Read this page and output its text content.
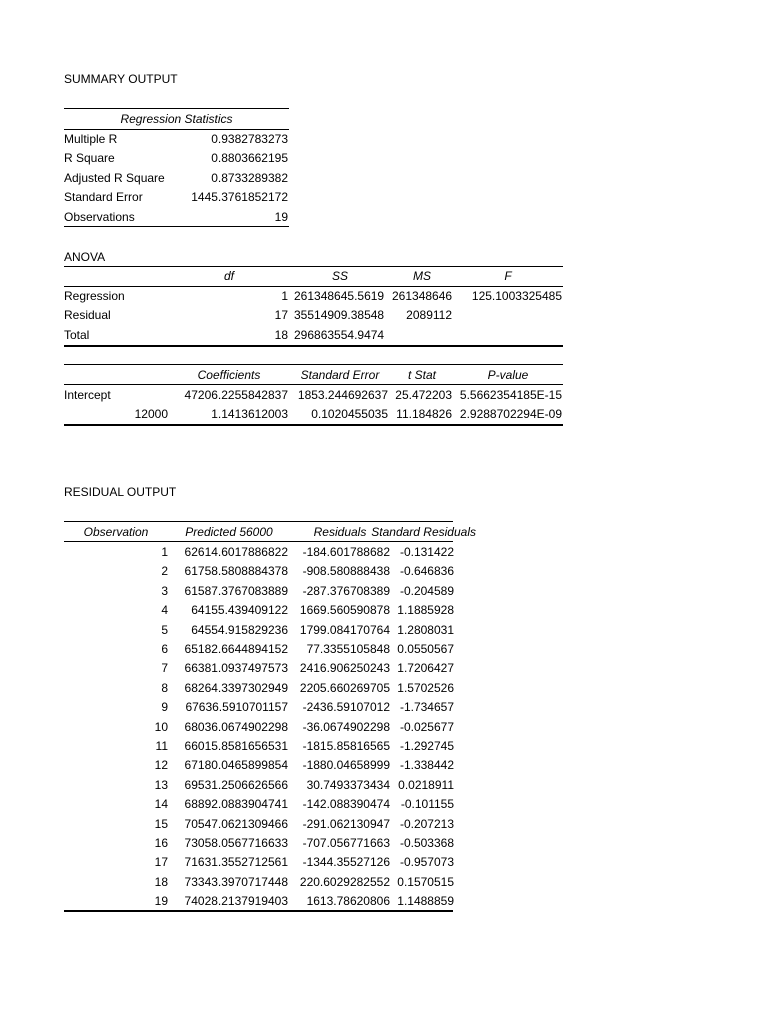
SUMMARY OUTPUT
Regression Statistics
Multiple R	0.9382783273
R Square	0.8803662195
Adjusted R Square	0.8733289382
Standard Error	1445.3761852172
Observations	19
ANOVA
df	SS	MS	F
Regression	1 261348645.5619 261348646	125.1003325485
Residual	17 35514909.38548	2089112
Total	18 296863554.9474
Coefficients	Standard Error	t Stat	P-value
Intercept	47206.2255842837 1853.244692637 25.472203 5.5662354185E-15
12000	1.1413612003	0.1020455035 11.184826 2.9288702294E-09
RESIDUAL OUTPUT
Observation	Predicted 56000	Residuals Standard Residuals
1	62614.6017886822	-184.601788682 -0.131422
2	61758.5808884378	-908.580888438 -0.646836
3	61587.3767083889	-287.376708389 -0.204589
4	64155.439409122 1669.560590878 1.1885928
5	64554.915829236 1799.084170764 1.2808031
6	65182.6644894152	77.3355105848 0.0550567
7	66381.0937497573 2416.906250243 1.7206427
8	68264.3397302949 2205.660269705 1.5702526
9	67636.5910701157	-2436.59107012 -1.734657
10	68036.0674902298	-36.0674902298 -0.025677
11	66015.8581656531	-1815.85816565 -1.292745
12	67180.0465899854	-1880.04658999 -1.338442
13	69531.2506626566	30.7493373434 0.0218911
14	68892.0883904741	-142.088390474 -0.101155
15	70547.0621309466	-291.062130947 -0.207213
16	73058.0567716633	-707.056771663 -0.503368
17	71631.3552712561	-1344.35527126 -0.957073
18	73343.3970717448 220.6029282552 0.1570515
19	74028.2137919403	1613.78620806 1.1488859
